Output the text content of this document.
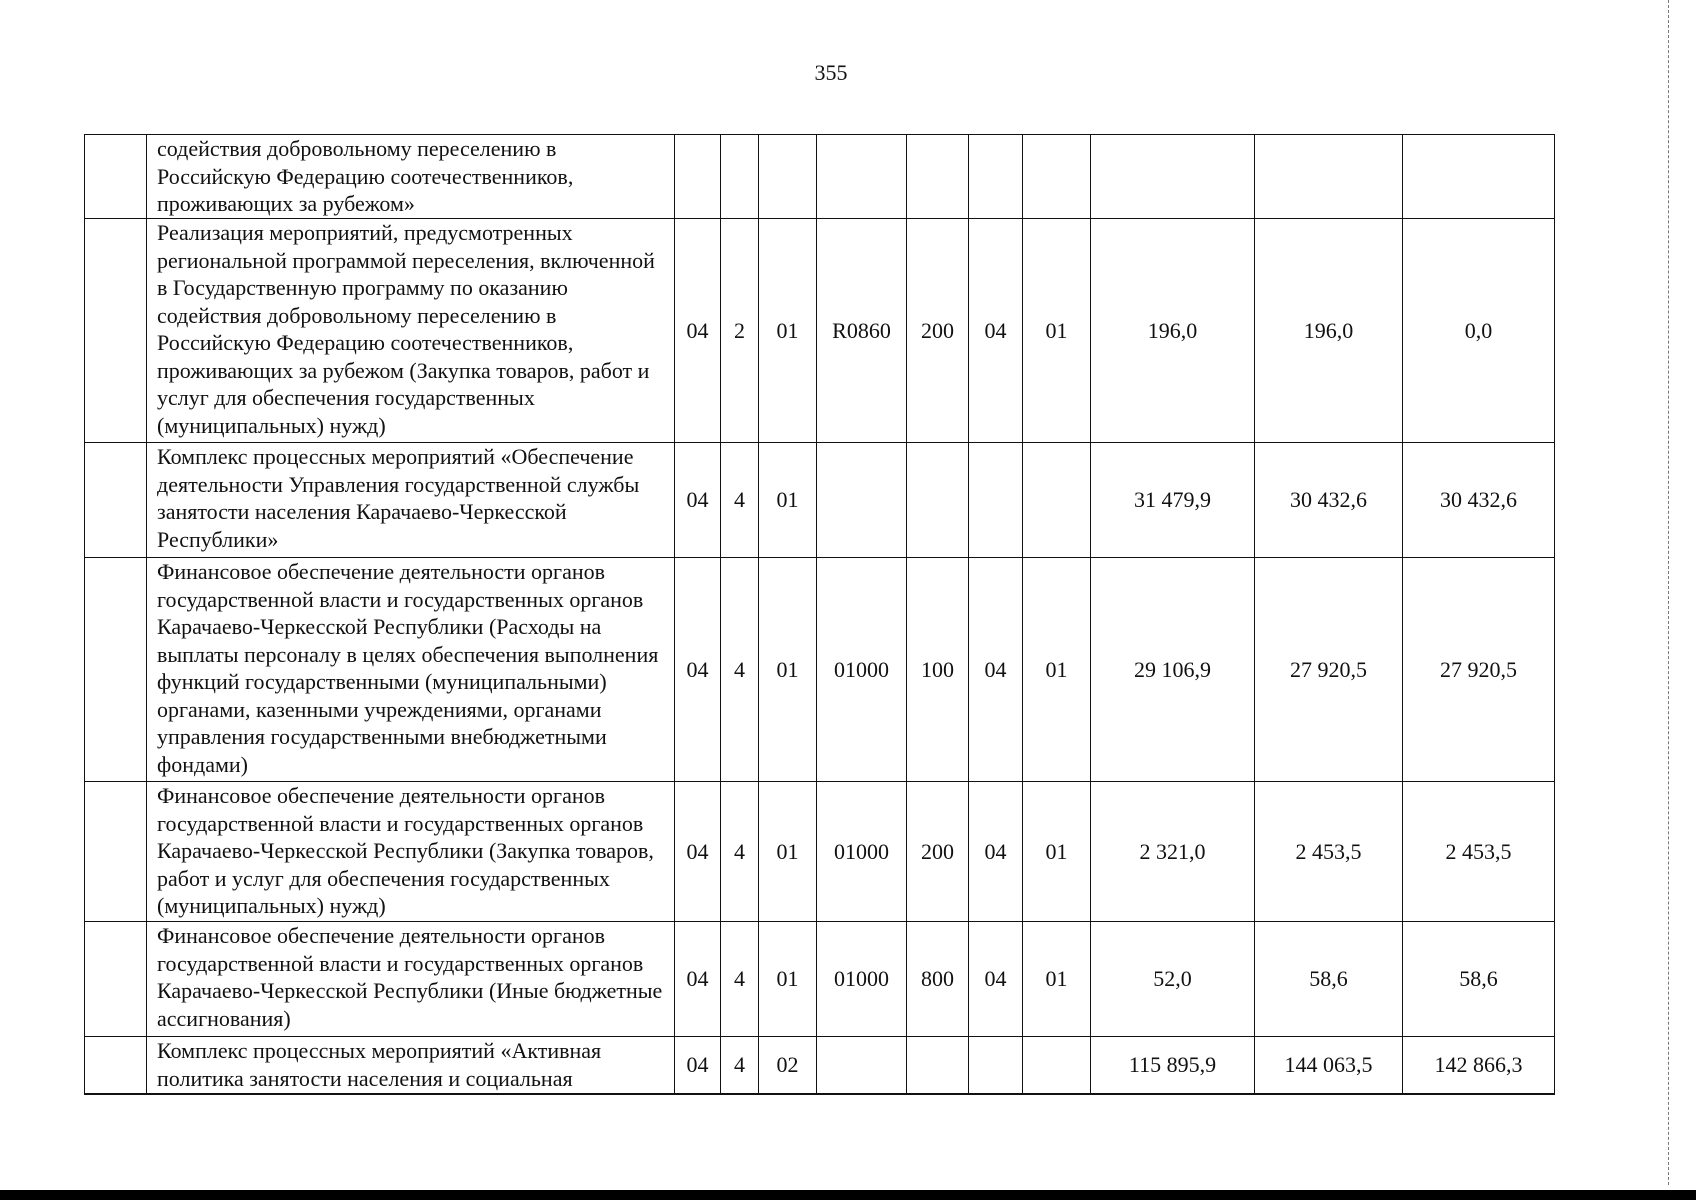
355
	содействия добровольному переселению в Российскую Федерацию соотечественников, проживающих за рубежом»										
	Реализация мероприятий, предусмотренных региональной программой переселения, включенной в Государственную программу по оказанию содействия добровольному переселению в Российскую Федерацию соотечественников, проживающих за рубежом (Закупка товаров, работ и услуг для обеспечения государственных (муниципальных) нужд)	04	2	01	R0860	200	04	01	196,0	196,0	0,0
	Комплекс процессных мероприятий «Обеспечение деятельности Управления государственной службы занятости населения Карачаево-Черкесской Республики»	04	4	01					31 479,9	30 432,6	30 432,6
	Финансовое обеспечение деятельности органов государственной власти и государственных органов Карачаево-Черкесской Республики (Расходы на выплаты персоналу в целях обеспечения выполнения функций государственными (муниципальными) органами, казенными учреждениями, органами управления государственными внебюджетными фондами)	04	4	01	01000	100	04	01	29 106,9	27 920,5	27 920,5
	Финансовое обеспечение деятельности органов государственной власти и государственных органов Карачаево-Черкесской Республики (Закупка товаров, работ и услуг для обеспечения государственных (муниципальных) нужд)	04	4	01	01000	200	04	01	2 321,0	2 453,5	2 453,5
	Финансовое обеспечение деятельности органов государственной власти и государственных органов Карачаево-Черкесской Республики (Иные бюджетные ассигнования)	04	4	01	01000	800	04	01	52,0	58,6	58,6
	Комплекс процессных мероприятий «Активная политика занятости населения и социальная	04	4	02					115 895,9	144 063,5	142 866,3
